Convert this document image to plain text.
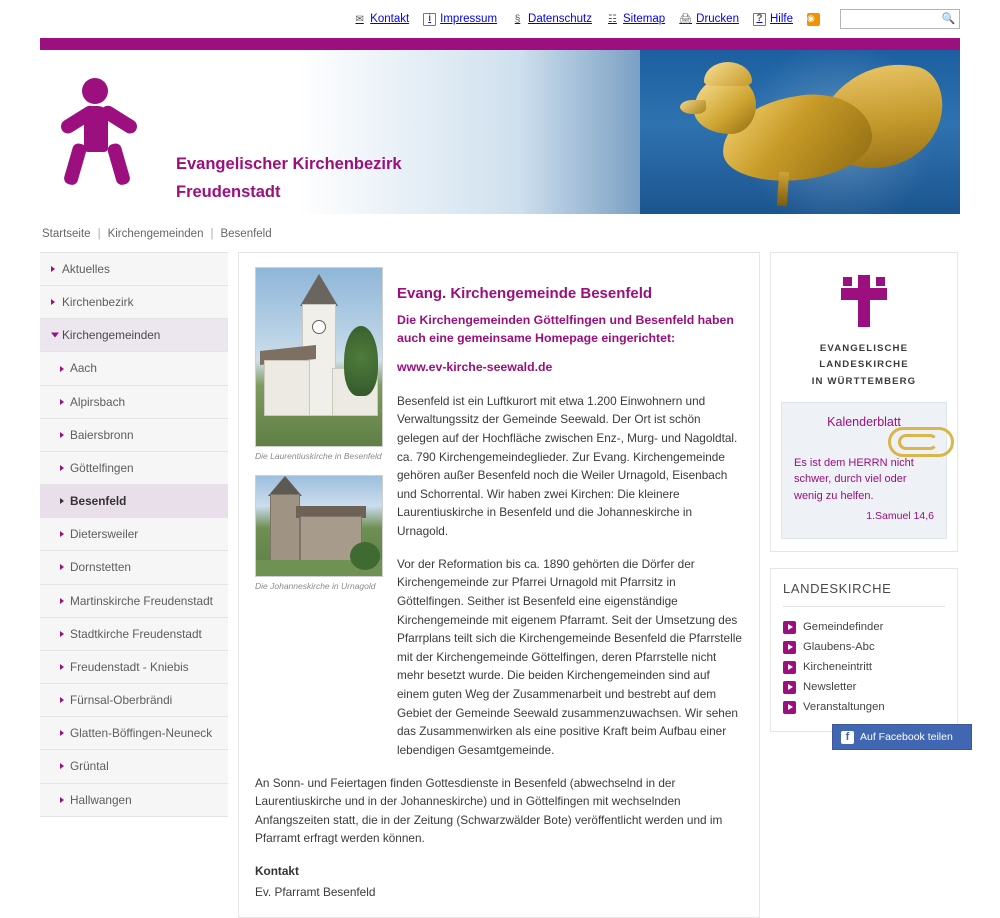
✉ Kontakt	i Impressum	§ Datenschutz ☷ Sitemap 🖨 Drucken	? Hilfe ◉	🔍
Evangelischer Kirchenbezirk
Freudenstadt
Startseite | Kirchengemeinden | Besenfeld
Aktuelles
Kirchenbezirk
Kirchengemeinden
Aach
Alpirsbach
Baiersbronn
Göttelfingen
Besenfeld
Dietersweiler
Dornstetten
Martinskirche Freudenstadt
Stadtkirche Freudenstadt
Freudenstadt - Kniebis
Fürnsal-Oberbrändi
Glatten-Böffingen-Neuneck
Grüntal
Hallwangen
Die Laurentiuskirche in Besenfeld
Die Johanneskirche in Urnagold
Evang. Kirchengemeinde Besenfeld
Die Kirchengemeinden Göttelfingen und Besenfeld haben auch eine gemeinsame Homepage eingerichtet:
www.ev-kirche-seewald.de

Besenfeld ist ein Luftkurort mit etwa 1.200 Einwohnern und Verwaltungssitz der Gemeinde Seewald. Der Ort ist schön gelegen auf der Hochfläche zwischen Enz-, Murg- und Nagoldtal. ca. 790 Kirchengemeindeglieder. Zur Evang. Kirchengemeinde gehören außer Besenfeld noch die Weiler Urnagold, Eisenbach und Schorrental. Wir haben zwei Kirchen: Die kleinere Laurentiuskirche in Besenfeld und die Johanneskirche in Urnagold.

Vor der Reformation bis ca. 1890 gehörten die Dörfer der Kirchengemeinde zur Pfarrei Urnagold mit Pfarrsitz in Göttelfingen. Seither ist Besenfeld eine eigenständige Kirchengemeinde mit eigenem Pfarramt. Seit der Umsetzung des Pfarrplans teilt sich die Kirchengemeinde Besenfeld die Pfarrstelle mit der Kirchengemeinde Göttelfingen, deren Pfarrstelle nicht mehr besetzt wurde. Die beiden Kirchengemeinden sind auf einem guten Weg der Zusammenarbeit und bestrebt auf dem Gebiet der Gemeinde Seewald zusammenzuwachsen. Wir sehen das Zusammenwirken als eine positive Kraft beim Aufbau einer lebendigen Gesamtgemeinde.

An Sonn- und Feiertagen finden Gottesdienste in Besenfeld (abwechselnd in der Laurentiuskirche und in der Johanneskirche) und in Göttelfingen mit wechselnden Anfangszeiten statt, die in der Zeitung (Schwarzwälder Bote) veröffentlicht werden und im Pfarramt erfragt werden können.

Kontakt
Ev. Pfarramt Besenfeld
EVANGELISCHE LANDESKIRCHE
IN WÜRTTEMBERG
Kalenderblatt
Es ist dem HERRN nicht schwer, durch viel oder wenig zu helfen.
1.Samuel 14,6
LANDESKIRCHE
Gemeindefinder
Glaubens-Abc
Kircheneintritt
Newsletter
Veranstaltungen
f	Auf Facebook teilen
